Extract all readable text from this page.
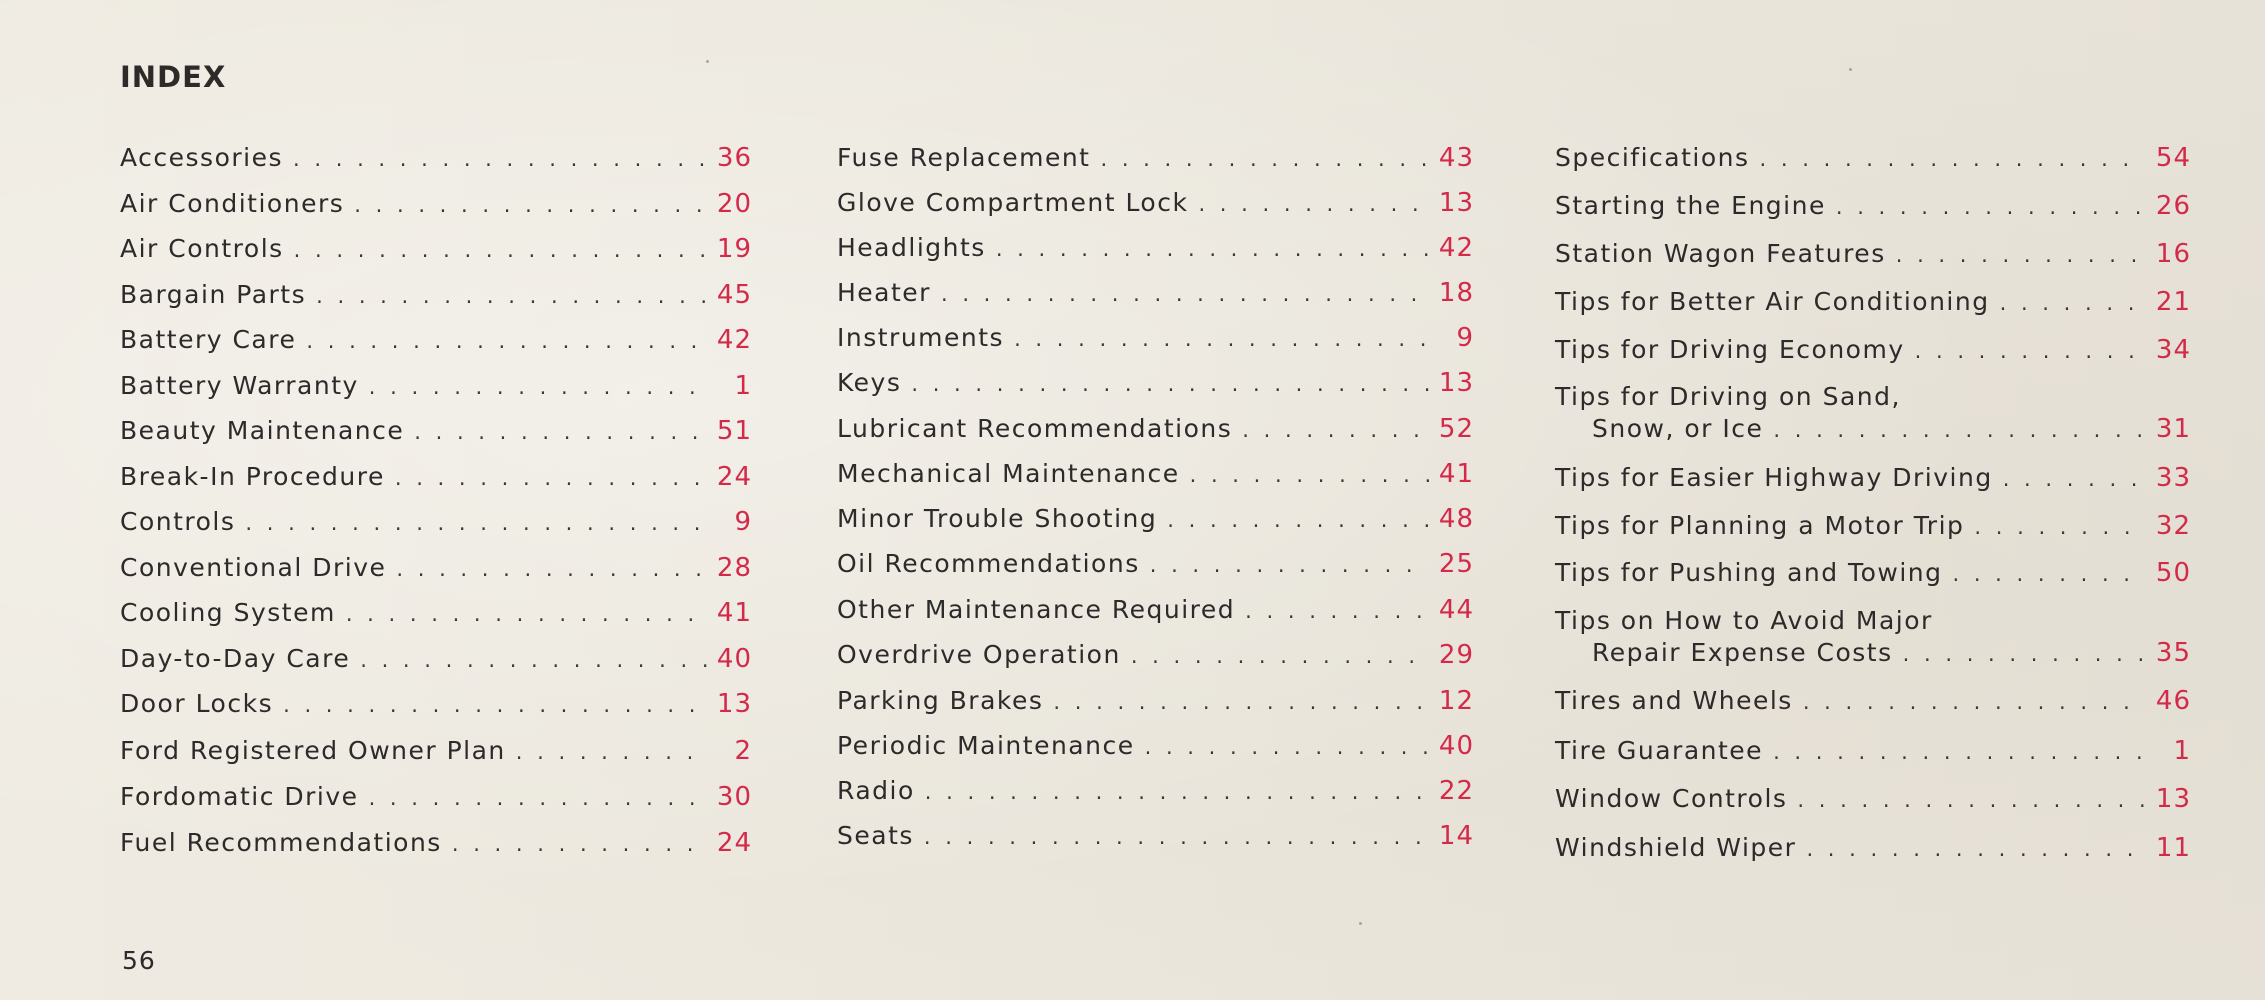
INDEX
Accessories . . .	36
Air Conditioners . . .	20
Air Controls . . .	19
Bargain Parts . . .	45
Battery Care . . .	42
Battery Warranty . . .	1
Beauty Maintenance . . .	51
Break-In Procedure . . .	24
Controls . . .	9
Conventional Drive . . .	28
Cooling System . . .	41
Day-to-Day Care . . .	40
Door Locks . . .	13
Ford Registered Owner Plan . . .	2
Fordomatic Drive . . .	30
Fuel Recommendations . . .	24
Fuse Replacement . . .	43
Glove Compartment Lock . . .	13
Headlights . . .	42
Heater . . .	18
Instruments . . .	9
Keys . . .	13
Lubricant Recommendations . . .	52
Mechanical Maintenance . . .	41
Minor Trouble Shooting . . .	48
Oil Recommendations . . .	25
Other Maintenance Required . . .	44
Overdrive Operation . . .	29
Parking Brakes . . .	12
Periodic Maintenance . . .	40
Radio . . .	22
Seats . . .	14
Specifications . . .	54
Starting the Engine . . .	26
Station Wagon Features . . .	16
Tips for Better Air Conditioning . . .	21
Tips for Driving Economy . . .	34
Tips for Driving on Sand,
Snow, or Ice . . .	31
Tips for Easier Highway Driving . . .	33
Tips for Planning a Motor Trip . . .	32
Tips for Pushing and Towing . . .	50
Tips on How to Avoid Major
Repair Expense Costs . . .	35
Tires and Wheels . . .	46
Tire Guarantee . . .	1
Window Controls . . .	13
Windshield Wiper . . .	11
56
